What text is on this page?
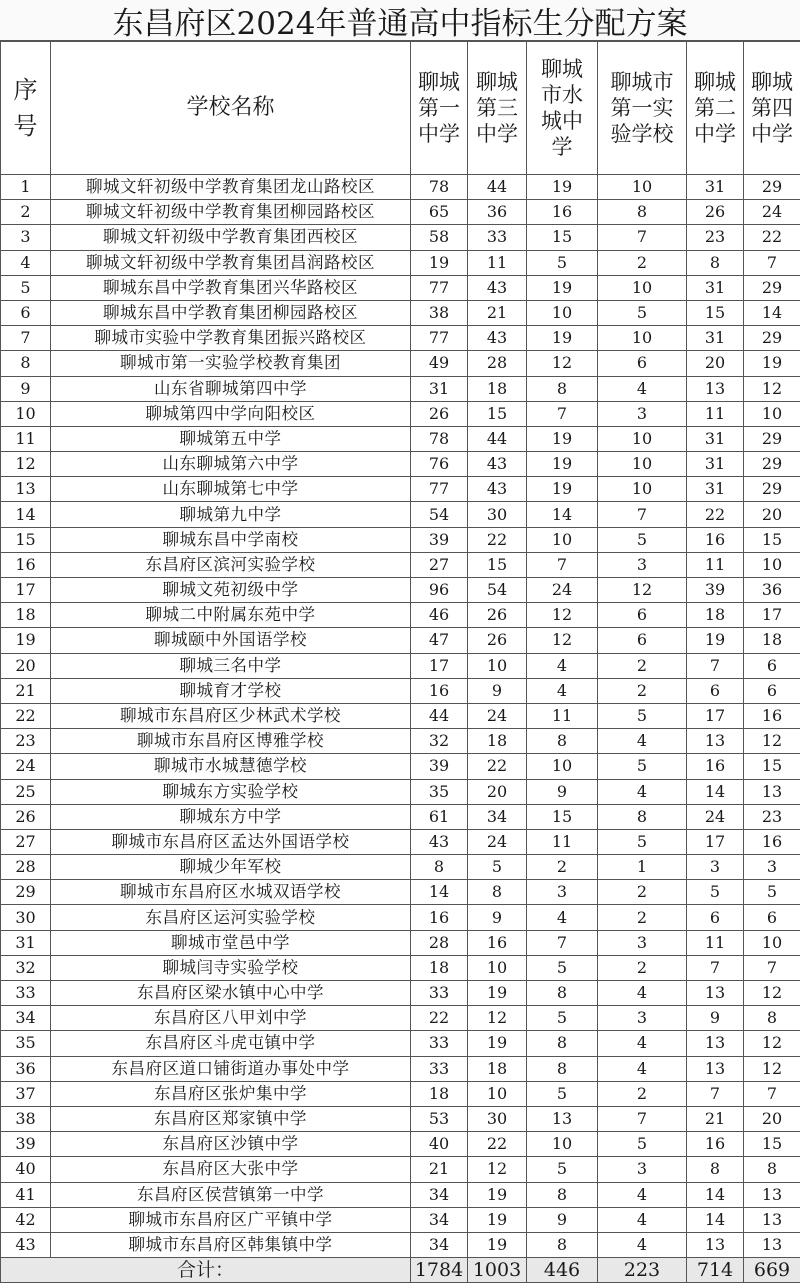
东昌府区2024年普通高中指标生分配方案
序
号	学校名称	聊城
第一
中学	聊城
第三
中学	聊城
市水
城中
学	聊城市
第一实
验学校	聊城
第二
中学	聊城
第四
中学

1	聊城文轩初级中学教育集团龙山路校区	78	44	19	10	31	29
2	聊城文轩初级中学教育集团柳园路校区	65	36	16	8	26	24
3	聊城文轩初级中学教育集团西校区	58	33	15	7	23	22
4	聊城文轩初级中学教育集团昌润路校区	19	11	5	2	8	7
5	聊城东昌中学教育集团兴华路校区	77	43	19	10	31	29
6	聊城东昌中学教育集团柳园路校区	38	21	10	5	15	14
7	聊城市实验中学教育集团振兴路校区	77	43	19	10	31	29
8	聊城市第一实验学校教育集团	49	28	12	6	20	19
9	山东省聊城第四中学	31	18	8	4	13	12
10	聊城第四中学向阳校区	26	15	7	3	11	10
11	聊城第五中学	78	44	19	10	31	29
12	山东聊城第六中学	76	43	19	10	31	29
13	山东聊城第七中学	77	43	19	10	31	29
14	聊城第九中学	54	30	14	7	22	20
15	聊城东昌中学南校	39	22	10	5	16	15
16	东昌府区滨河实验学校	27	15	7	3	11	10
17	聊城文苑初级中学	96	54	24	12	39	36
18	聊城二中附属东苑中学	46	26	12	6	18	17
19	聊城颐中外国语学校	47	26	12	6	19	18
20	聊城三名中学	17	10	4	2	7	6
21	聊城育才学校	16	9	4	2	6	6
22	聊城市东昌府区少林武术学校	44	24	11	5	17	16
23	聊城市东昌府区博雅学校	32	18	8	4	13	12
24	聊城市水城慧德学校	39	22	10	5	16	15
25	聊城东方实验学校	35	20	9	4	14	13
26	聊城东方中学	61	34	15	8	24	23
27	聊城市东昌府区孟达外国语学校	43	24	11	5	17	16
28	聊城少年军校	8	5	2	1	3	3
29	聊城市东昌府区水城双语学校	14	8	3	2	5	5
30	东昌府区运河实验学校	16	9	4	2	6	6
31	聊城市堂邑中学	28	16	7	3	11	10
32	聊城闫寺实验学校	18	10	5	2	7	7
33	东昌府区梁水镇中心中学	33	19	8	4	13	12
34	东昌府区八甲刘中学	22	12	5	3	9	8
35	东昌府区斗虎屯镇中学	33	19	8	4	13	12
36	东昌府区道口铺街道办事处中学	33	18	8	4	13	12
37	东昌府区张炉集中学	18	10	5	2	7	7
38	东昌府区郑家镇中学	53	30	13	7	21	20
39	东昌府区沙镇中学	40	22	10	5	16	15
40	东昌府区大张中学	21	12	5	3	8	8
41	东昌府区侯营镇第一中学	34	19	8	4	14	13
42	聊城市东昌府区广平镇中学	34	19	9	4	14	13
43	聊城市东昌府区韩集镇中学	34	19	8	4	13	13
合计：		1784	1003	446	223	714	669
